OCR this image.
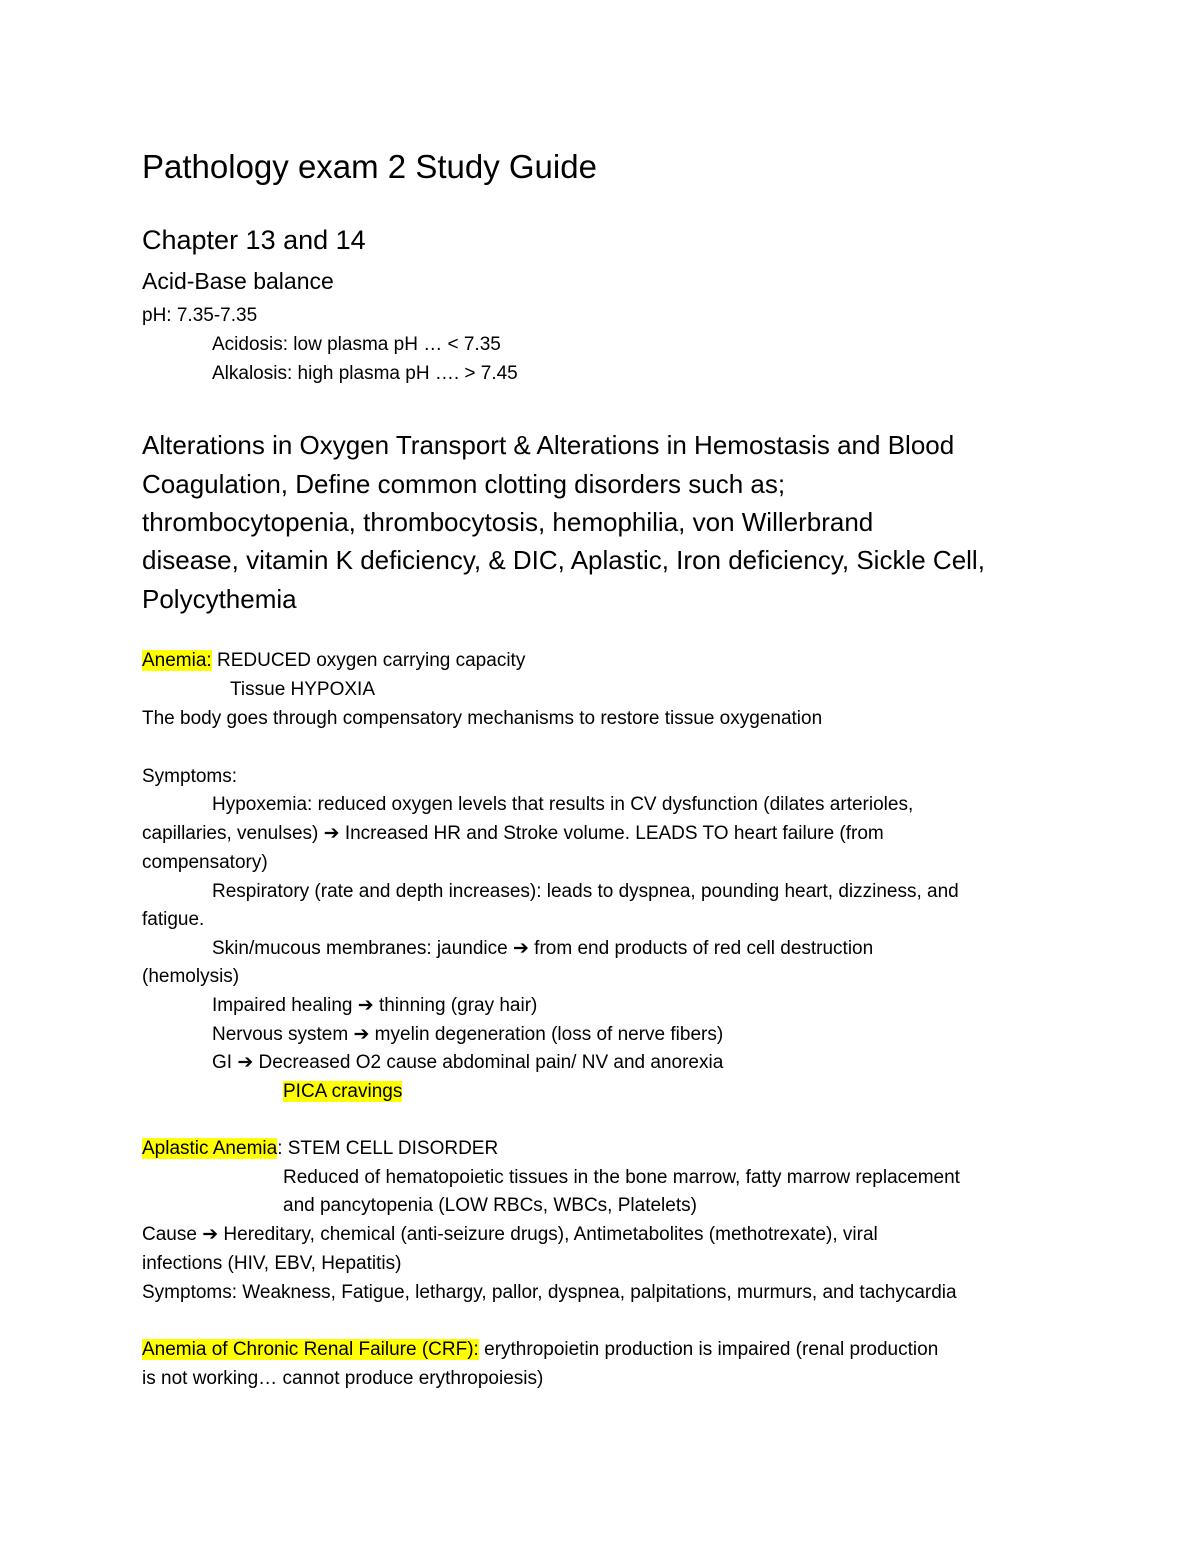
Pathology exam 2 Study Guide
Chapter 13 and 14
Acid-Base balance
pH: 7.35-7.35
Acidosis: low plasma pH … < 7.35
Alkalosis: high plasma pH …. > 7.45
Alterations in Oxygen Transport & Alterations in Hemostasis and Blood
Coagulation, Define common clotting disorders such as;
thrombocytopenia, thrombocytosis, hemophilia, von Willerbrand
disease, vitamin K deficiency, & DIC, Aplastic, Iron deficiency, Sickle Cell,
Polycythemia
Anemia: REDUCED oxygen carrying capacity
Tissue HYPOXIA
The body goes through compensatory mechanisms to restore tissue oxygenation
Symptoms:
Hypoxemia: reduced oxygen levels that results in CV dysfunction (dilates arterioles,
capillaries, venulses) ➔ Increased HR and Stroke volume. LEADS TO heart failure (from
compensatory)
Respiratory (rate and depth increases): leads to dyspnea, pounding heart, dizziness, and
fatigue.
Skin/mucous membranes: jaundice ➔ from end products of red cell destruction
(hemolysis)
Impaired healing ➔ thinning (gray hair)
Nervous system ➔ myelin degeneration (loss of nerve fibers)
GI ➔ Decreased O2 cause abdominal pain/ NV and anorexia
PICA cravings
Aplastic Anemia: STEM CELL DISORDER
Reduced of hematopoietic tissues in the bone marrow, fatty marrow replacement
and pancytopenia (LOW RBCs, WBCs, Platelets)
Cause ➔ Hereditary, chemical (anti-seizure drugs), Antimetabolites (methotrexate), viral
infections (HIV, EBV, Hepatitis)
Symptoms: Weakness, Fatigue, lethargy, pallor, dyspnea, palpitations, murmurs, and tachycardia
Anemia of Chronic Renal Failure (CRF): erythropoietin production is impaired (renal production
is not working… cannot produce erythropoiesis)
